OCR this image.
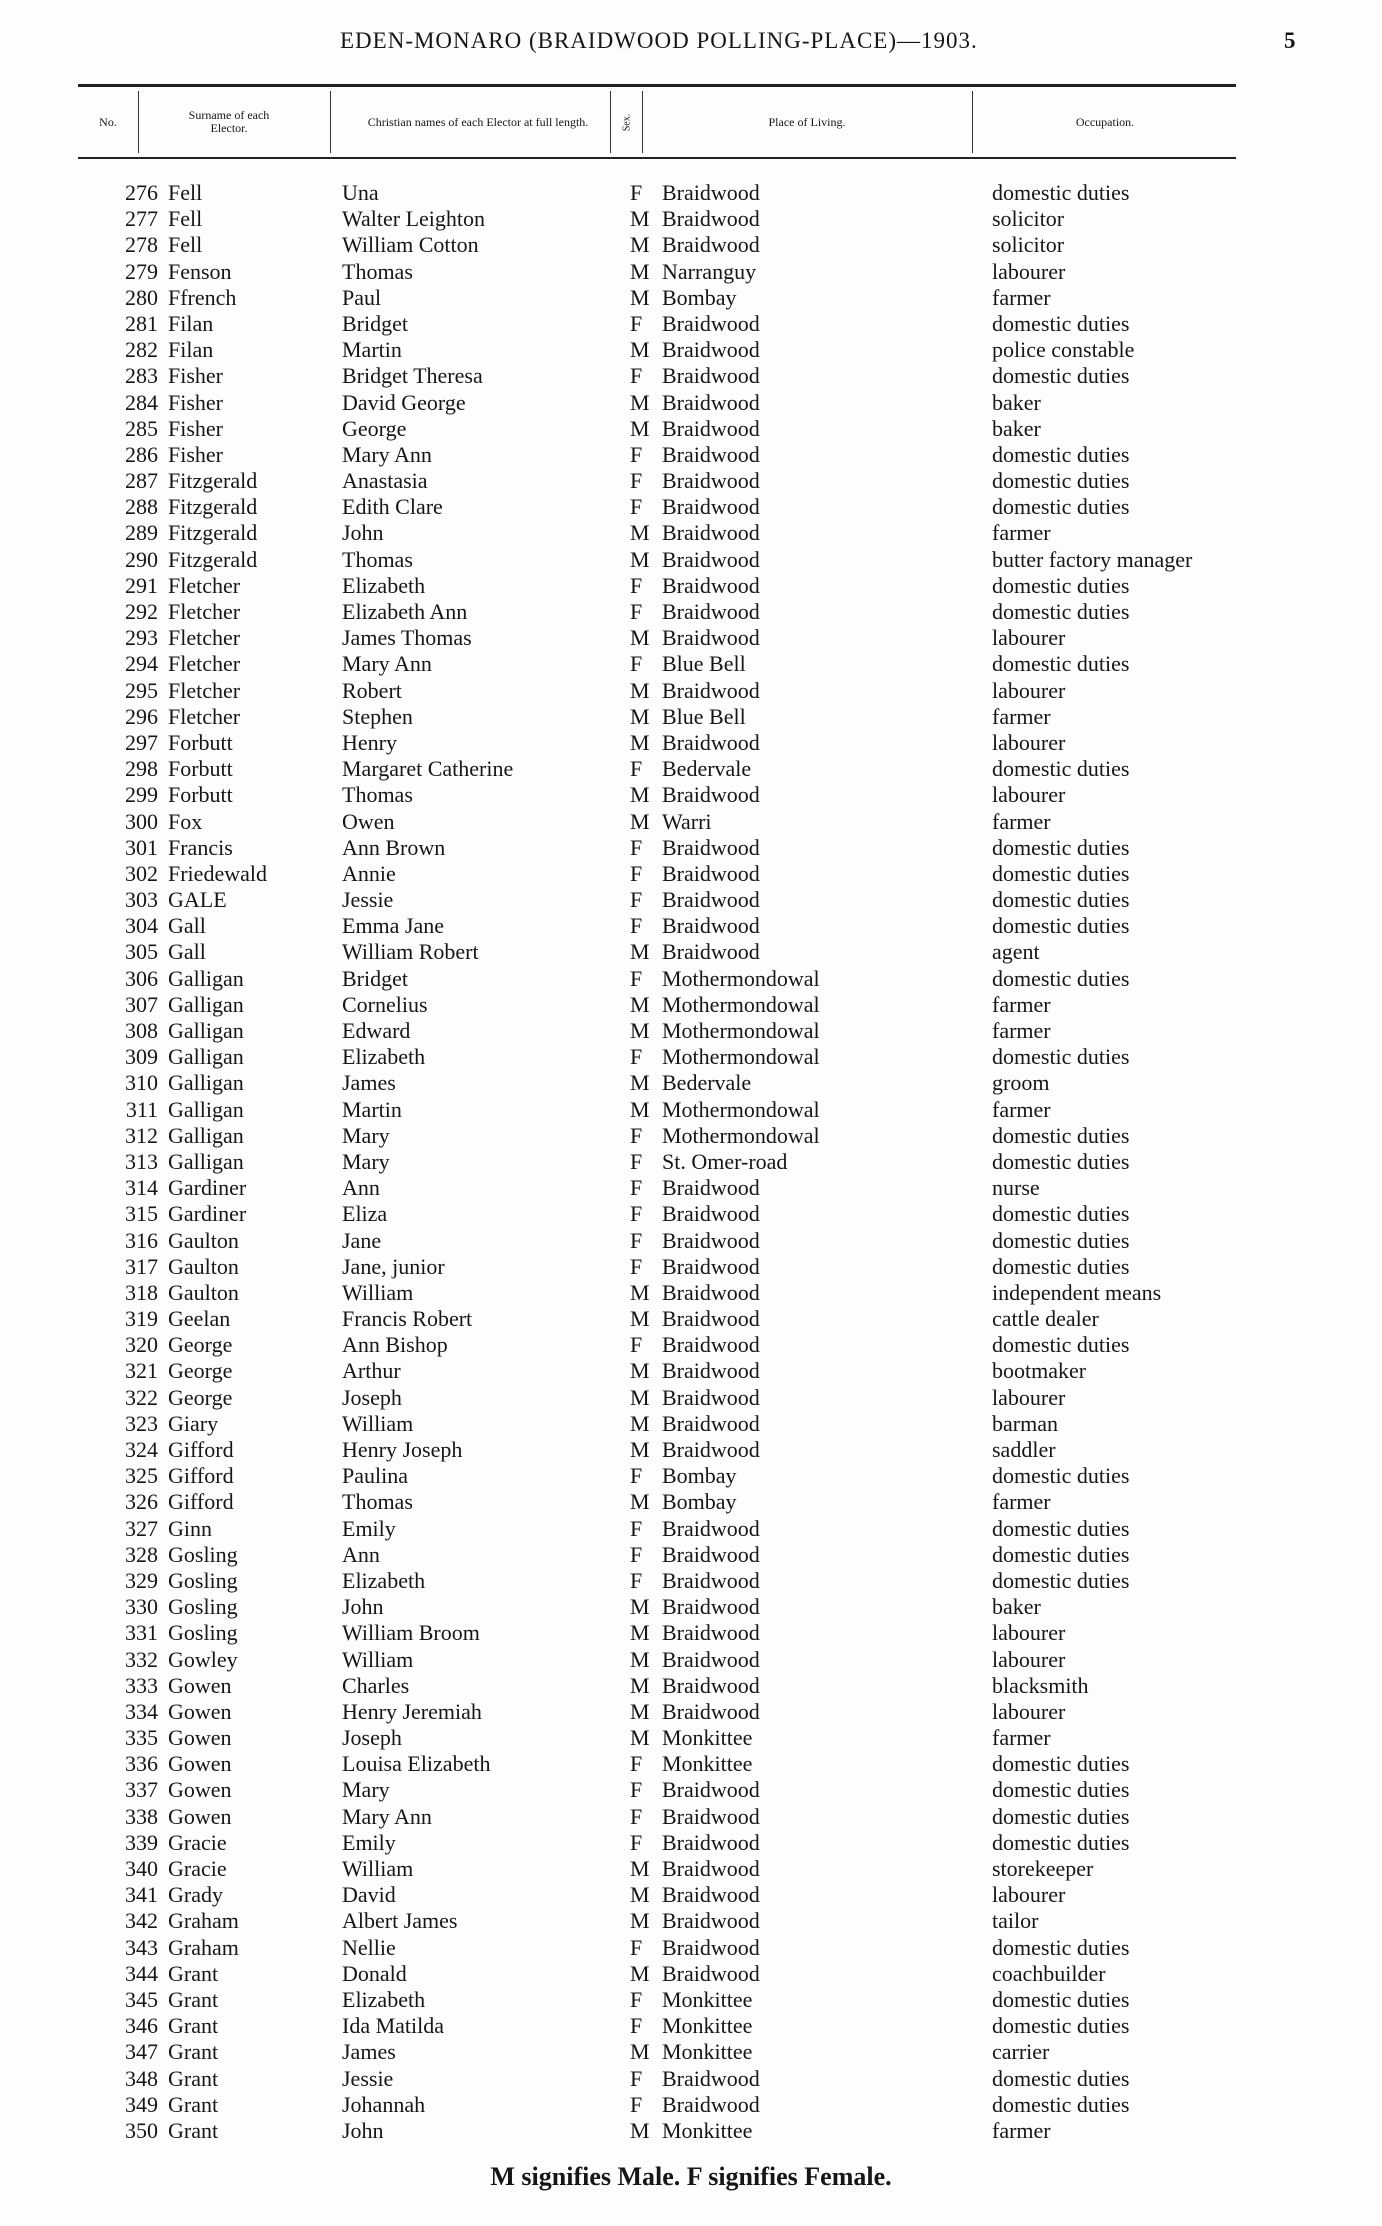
EDEN-MONARO (BRAIDWOOD POLLING-PLACE)—1903.	5
No.	Surname of each Elector.	Christian names of each Elector at full length.	Sex.	Place of Living.	Occupation.
276 Fell	Una	F Braidwood	domestic duties
277 Fell	Walter Leighton	M Braidwood	solicitor
278 Fell	William Cotton	M Braidwood	solicitor
279 Fenson	Thomas	M Narranguy	labourer
280 Ffrench	Paul	M Bombay	farmer
281 Filan	Bridget	F Braidwood	domestic duties
282 Filan	Martin	M Braidwood	police constable
283 Fisher	Bridget Theresa	F Braidwood	domestic duties
284 Fisher	David George	M Braidwood	baker
285 Fisher	George	M Braidwood	baker
286 Fisher	Mary Ann	F Braidwood	domestic duties
287 Fitzgerald	Anastasia	F Braidwood	domestic duties
288 Fitzgerald	Edith Clare	F Braidwood	domestic duties
289 Fitzgerald	John	M Braidwood	farmer
290 Fitzgerald	Thomas	M Braidwood	butter factory manager
291 Fletcher	Elizabeth	F Braidwood	domestic duties
292 Fletcher	Elizabeth Ann	F Braidwood	domestic duties
293 Fletcher	James Thomas	M Braidwood	labourer
294 Fletcher	Mary Ann	F Blue Bell	domestic duties
295 Fletcher	Robert	M Braidwood	labourer
296 Fletcher	Stephen	M Blue Bell	farmer
297 Forbutt	Henry	M Braidwood	labourer
298 Forbutt	Margaret Catherine	F Bedervale	domestic duties
299 Forbutt	Thomas	M Braidwood	labourer
300 Fox	Owen	M Warri	farmer
301 Francis	Ann Brown	F Braidwood	domestic duties
302 Friedewald	Annie	F Braidwood	domestic duties
303 GALE	Jessie	F Braidwood	domestic duties
304 Gall	Emma Jane	F Braidwood	domestic duties
305 Gall	William Robert	M Braidwood	agent
306 Galligan	Bridget	F Mothermondowal	domestic duties
307 Galligan	Cornelius	M Mothermondowal	farmer
308 Galligan	Edward	M Mothermondowal	farmer
309 Galligan	Elizabeth	F Mothermondowal	domestic duties
310 Galligan	James	M Bedervale	groom
311 Galligan	Martin	M Mothermondowal	farmer
312 Galligan	Mary	F Mothermondowal	domestic duties
313 Galligan	Mary	F St. Omer-road	domestic duties
314 Gardiner	Ann	F Braidwood	nurse
315 Gardiner	Eliza	F Braidwood	domestic duties
316 Gaulton	Jane	F Braidwood	domestic duties
317 Gaulton	Jane, junior	F Braidwood	domestic duties
318 Gaulton	William	M Braidwood	independent means
319 Geelan	Francis Robert	M Braidwood	cattle dealer
320 George	Ann Bishop	F Braidwood	domestic duties
321 George	Arthur	M Braidwood	bootmaker
322 George	Joseph	M Braidwood	labourer
323 Giary	William	M Braidwood	barman
324 Gifford	Henry Joseph	M Braidwood	saddler
325 Gifford	Paulina	F Bombay	domestic duties
326 Gifford	Thomas	M Bombay	farmer
327 Ginn	Emily	F Braidwood	domestic duties
328 Gosling	Ann	F Braidwood	domestic duties
329 Gosling	Elizabeth	F Braidwood	domestic duties
330 Gosling	John	M Braidwood	baker
331 Gosling	William Broom	M Braidwood	labourer
332 Gowley	William	M Braidwood	labourer
333 Gowen	Charles	M Braidwood	blacksmith
334 Gowen	Henry Jeremiah	M Braidwood	labourer
335 Gowen	Joseph	M Monkittee	farmer
336 Gowen	Louisa Elizabeth	F Monkittee	domestic duties
337 Gowen	Mary	F Braidwood	domestic duties
338 Gowen	Mary Ann	F Braidwood	domestic duties
339 Gracie	Emily	F Braidwood	domestic duties
340 Gracie	William	M Braidwood	storekeeper
341 Grady	David	M Braidwood	labourer
342 Graham	Albert James	M Braidwood	tailor
343 Graham	Nellie	F Braidwood	domestic duties
344 Grant	Donald	M Braidwood	coachbuilder
345 Grant	Elizabeth	F Monkittee	domestic duties
346 Grant	Ida Matilda	F Monkittee	domestic duties
347 Grant	James	M Monkittee	carrier
348 Grant	Jessie	F Braidwood	domestic duties
349 Grant	Johannah	F Braidwood	domestic duties
350 Grant	John	M Monkittee	farmer
M signifies Male. F signifies Female.
